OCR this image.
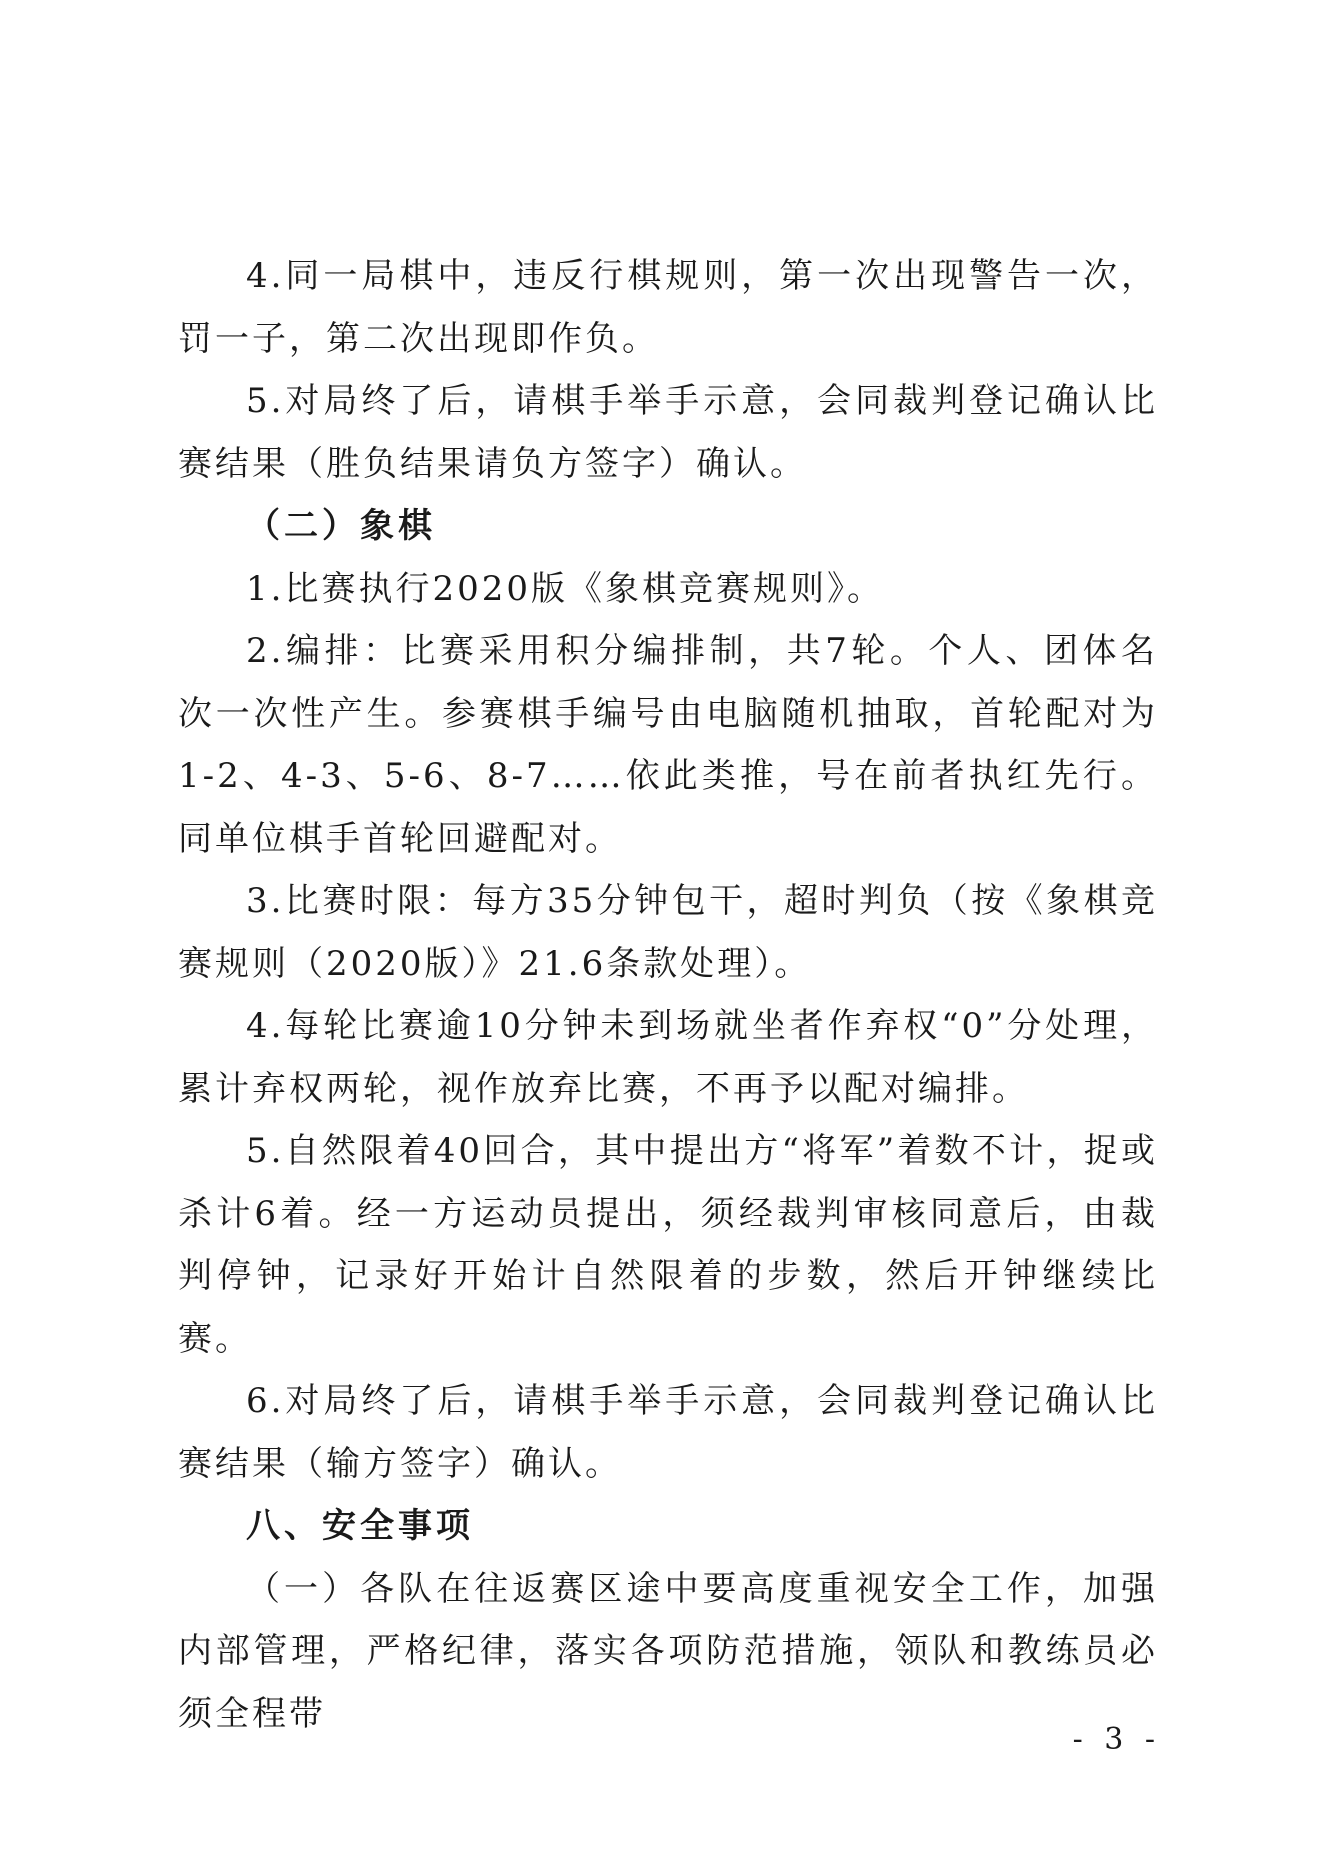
4.同一局棋中，违反行棋规则，第一次出现警告一次，罚一子，第二次出现即作负。

5.对局终了后，请棋手举手示意，会同裁判登记确认比赛结果（胜负结果请负方签字）确认。

（二）象棋

1.比赛执行2020版《象棋竞赛规则》。

2.编排：比赛采用积分编排制，共7轮。个人、团体名次一次性产生。参赛棋手编号由电脑随机抽取，首轮配对为1-2、4-3、5-6、8-7……依此类推，号在前者执红先行。同单位棋手首轮回避配对。

3.比赛时限：每方35分钟包干，超时判负（按《象棋竞赛规则（2020版）》21.6条款处理）。

4.每轮比赛逾10分钟未到场就坐者作弃权“0”分处理，累计弃权两轮，视作放弃比赛，不再予以配对编排。

5.自然限着40回合，其中提出方“将军”着数不计，捉或杀计6着。经一方运动员提出，须经裁判审核同意后，由裁判停钟，记录好开始计自然限着的步数，然后开钟继续比赛。

6.对局终了后，请棋手举手示意，会同裁判登记确认比赛结果（输方签字）确认。

八、安全事项

（一）各队在往返赛区途中要高度重视安全工作，加强内部管理，严格纪律，落实各项防范措施，领队和教练员必须全程带

- 3 -
